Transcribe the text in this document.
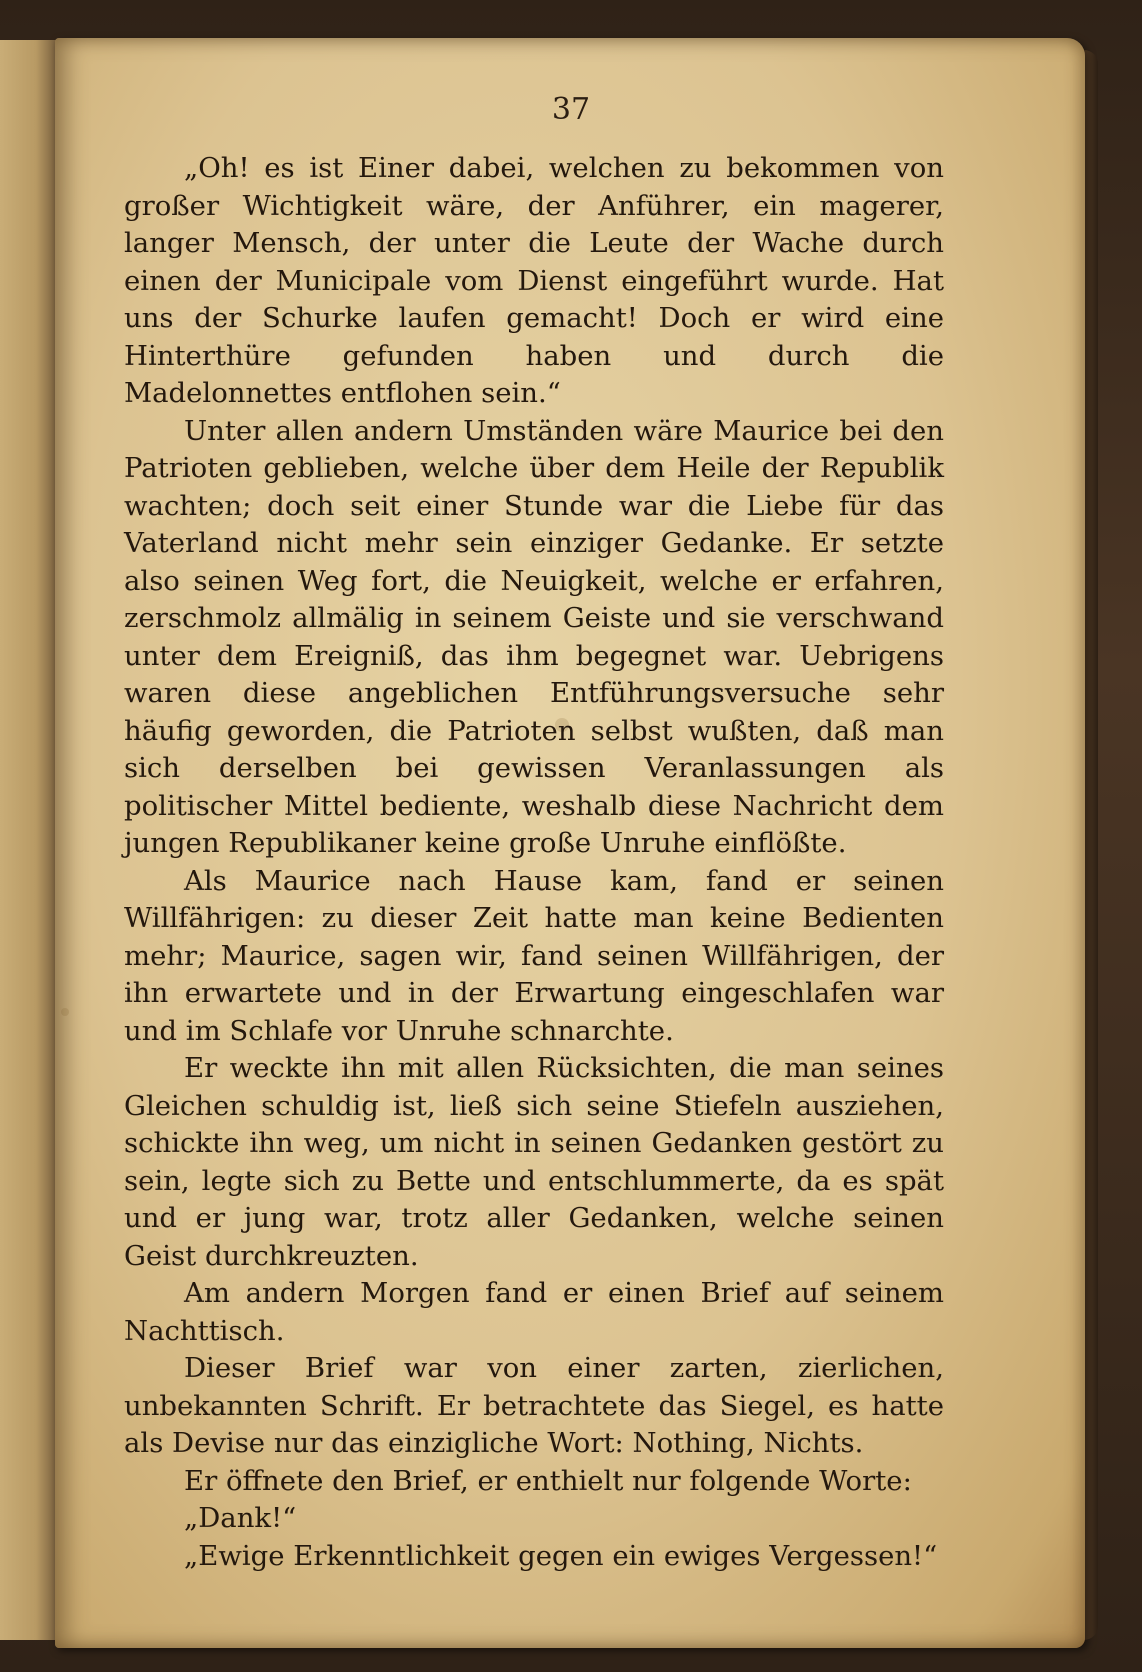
37

„Oh! es ist Einer dabei, welchen zu bekommen von großer Wichtigkeit wäre, der Anführer, ein magerer, langer Mensch, der unter die Leute der Wache durch einen der Municipale vom Dienst eingeführt wurde. Hat uns der Schurke laufen gemacht! Doch er wird eine Hinterthüre gefunden haben und durch die Madelonnettes entflohen sein.“

Unter allen andern Umständen wäre Maurice bei den Patrioten geblieben, welche über dem Heile der Republik wachten; doch seit einer Stunde war die Liebe für das Vaterland nicht mehr sein einziger Gedanke. Er setzte also seinen Weg fort, die Neuigkeit, welche er erfahren, zerschmolz allmälig in seinem Geiste und sie verschwand unter dem Ereigniß, das ihm begegnet war. Uebrigens waren diese angeblichen Entführungsversuche sehr häufig geworden, die Patrioten selbst wußten, daß man sich derselben bei gewissen Veranlassungen als politischer Mittel bediente, weshalb diese Nachricht dem jungen Republikaner keine große Unruhe einflößte.

Als Maurice nach Hause kam, fand er seinen Willfährigen: zu dieser Zeit hatte man keine Bedienten mehr; Maurice, sagen wir, fand seinen Willfährigen, der ihn erwartete und in der Erwartung eingeschlafen war und im Schlafe vor Unruhe schnarchte.

Er weckte ihn mit allen Rücksichten, die man seines Gleichen schuldig ist, ließ sich seine Stiefeln ausziehen, schickte ihn weg, um nicht in seinen Gedanken gestört zu sein, legte sich zu Bette und entschlummerte, da es spät und er jung war, trotz aller Gedanken, welche seinen Geist durchkreuzten.

Am andern Morgen fand er einen Brief auf seinem Nachttisch.

Dieser Brief war von einer zarten, zierlichen, unbekannten Schrift. Er betrachtete das Siegel, es hatte als Devise nur das einzigliche Wort: Nothing, Nichts.

Er öffnete den Brief, er enthielt nur folgende Worte:

„Dank!“

„Ewige Erkenntlichkeit gegen ein ewiges Vergessen!“
